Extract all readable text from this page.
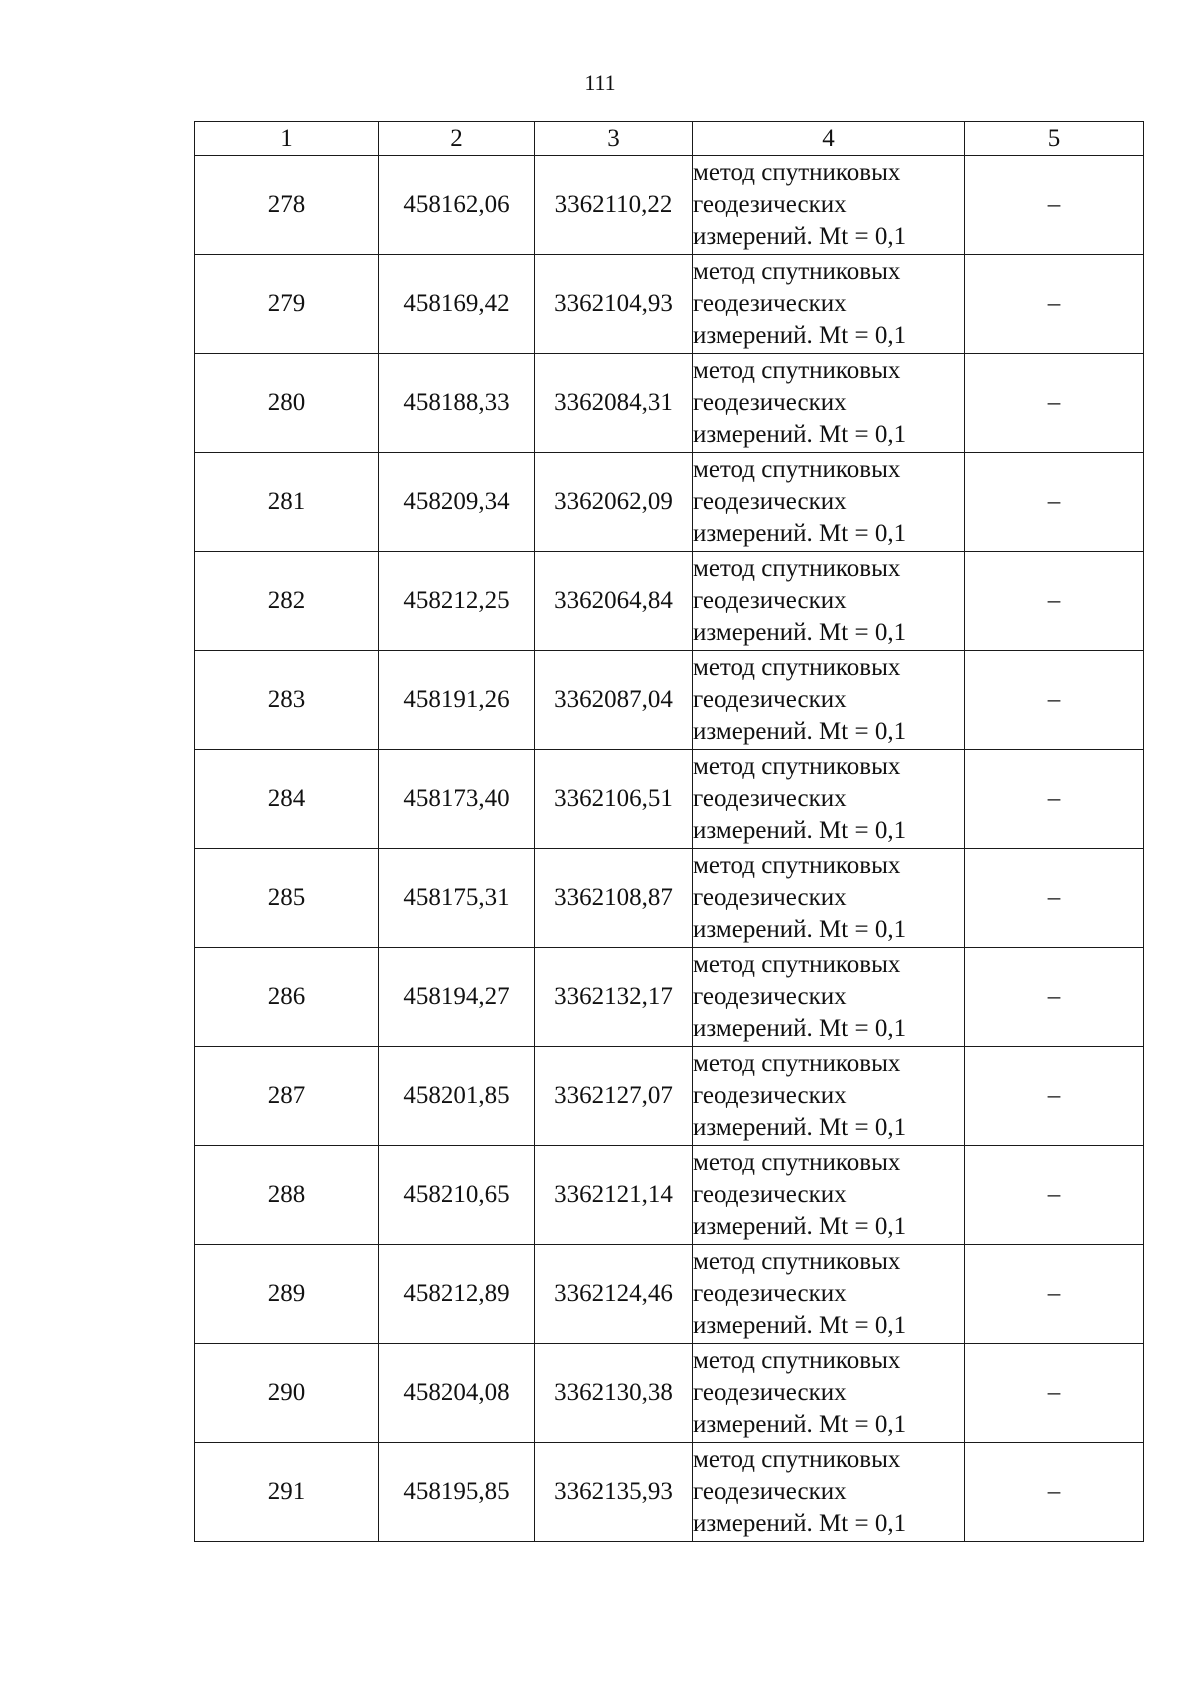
111
1	2	3	4	5
278	458162,06	3362110,22	метод спутниковых
геодезических
измерений. Mt = 0,1	–
279	458169,42	3362104,93	метод спутниковых
геодезических
измерений. Mt = 0,1	–
280	458188,33	3362084,31	метод спутниковых
геодезических
измерений. Mt = 0,1	–
281	458209,34	3362062,09	метод спутниковых
геодезических
измерений. Mt = 0,1	–
282	458212,25	3362064,84	метод спутниковых
геодезических
измерений. Mt = 0,1	–
283	458191,26	3362087,04	метод спутниковых
геодезических
измерений. Mt = 0,1	–
284	458173,40	3362106,51	метод спутниковых
геодезических
измерений. Mt = 0,1	–
285	458175,31	3362108,87	метод спутниковых
геодезических
измерений. Mt = 0,1	–
286	458194,27	3362132,17	метод спутниковых
геодезических
измерений. Mt = 0,1	–
287	458201,85	3362127,07	метод спутниковых
геодезических
измерений. Mt = 0,1	–
288	458210,65	3362121,14	метод спутниковых
геодезических
измерений. Mt = 0,1	–
289	458212,89	3362124,46	метод спутниковых
геодезических
измерений. Mt = 0,1	–
290	458204,08	3362130,38	метод спутниковых
геодезических
измерений. Mt = 0,1	–
291	458195,85	3362135,93	метод спутниковых
геодезических
измерений. Mt = 0,1	–
